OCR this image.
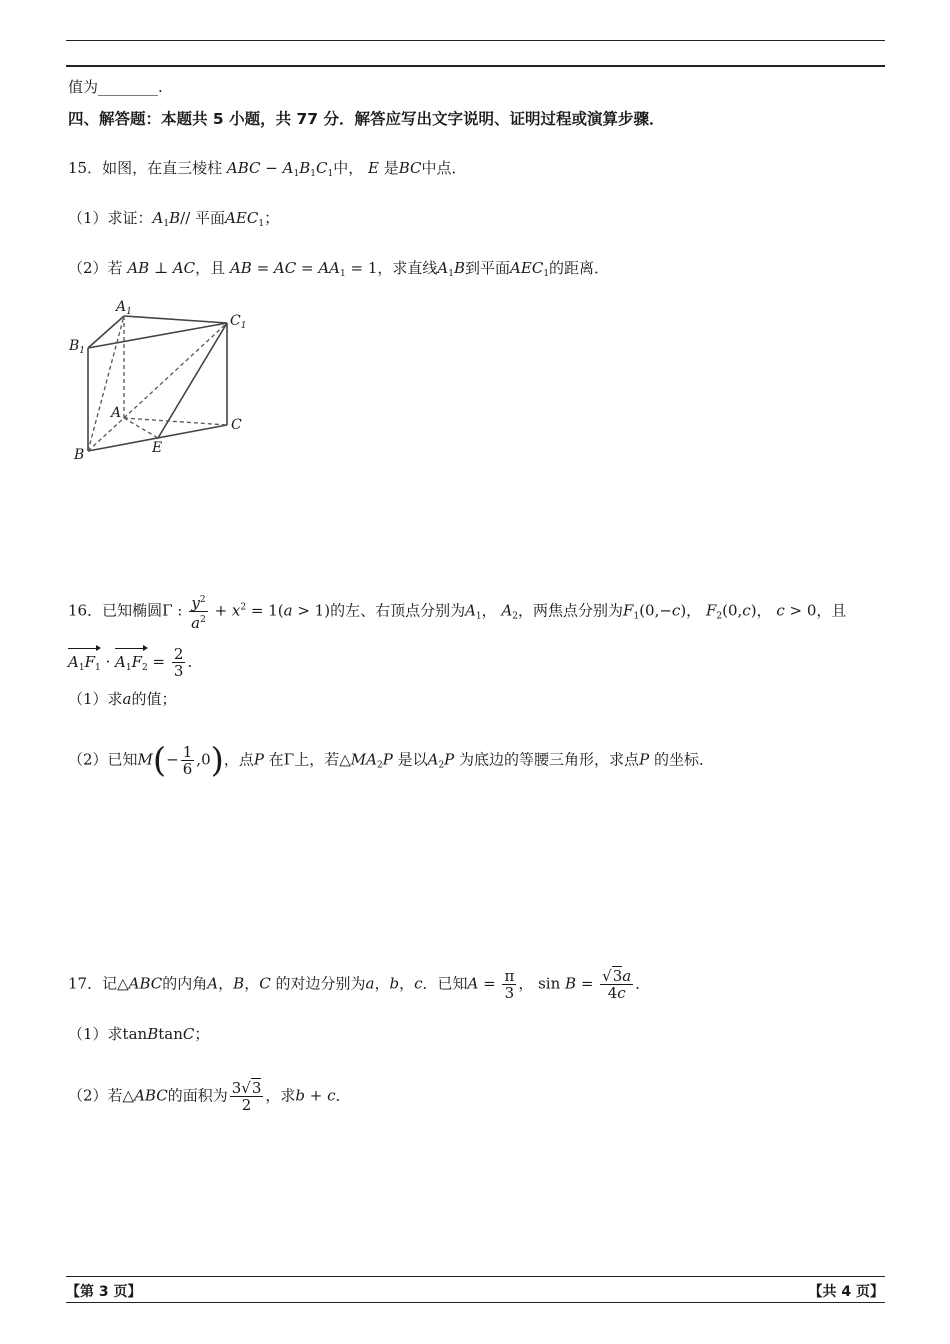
值为________.
四、解答题：本题共 5 小题，共 77 分．解答应写出文字说明、证明过程或演算步骤．
15．如图，在直三棱柱 ABC − $A_1B_1C_1$中， E 是BC中点．
（1）求证：$A_1B//$ 平面$AEC_1$；
（2）若 AB ⊥ AC，且 AB = AC = $AA_1 = 1$，求直线$A_1B$到平面$AEC_1$的距离．
$A_1$
$C_1$
$B_1$
A
C
B	E
16．已知椭圆Γ : $\frac{y^2}{a^2} + x^2 = 1(a > 1)$的左、右顶点分别为$A_1$， $A_2$，两焦点分别为$F_1(0,-c)$， $F_2(0,c)$， c > 0，且
$A_1F_1 \cdot A_1F_2 = \frac{2}{3}$ ．
（1）求a的值；
（2）已知$M(- \frac{1}{6} ,0)$，点P 在Γ上，若$\triangle MA_2P$ 是以$A_2P$ 为底边的等腰三角形，求点P 的坐标．
17．记△ABC的内角A，B，C 的对边分别为a，b，c．已知$A = \frac{\pi}{3}$ ， $\sin B = \frac{√3a}{4c}$ ．
（1）求tanBtanC；
（2）若△ABC的面积为 $\frac{3√3}{2}$ ，求b + c．
【第 3 页】	【共 4 页】
